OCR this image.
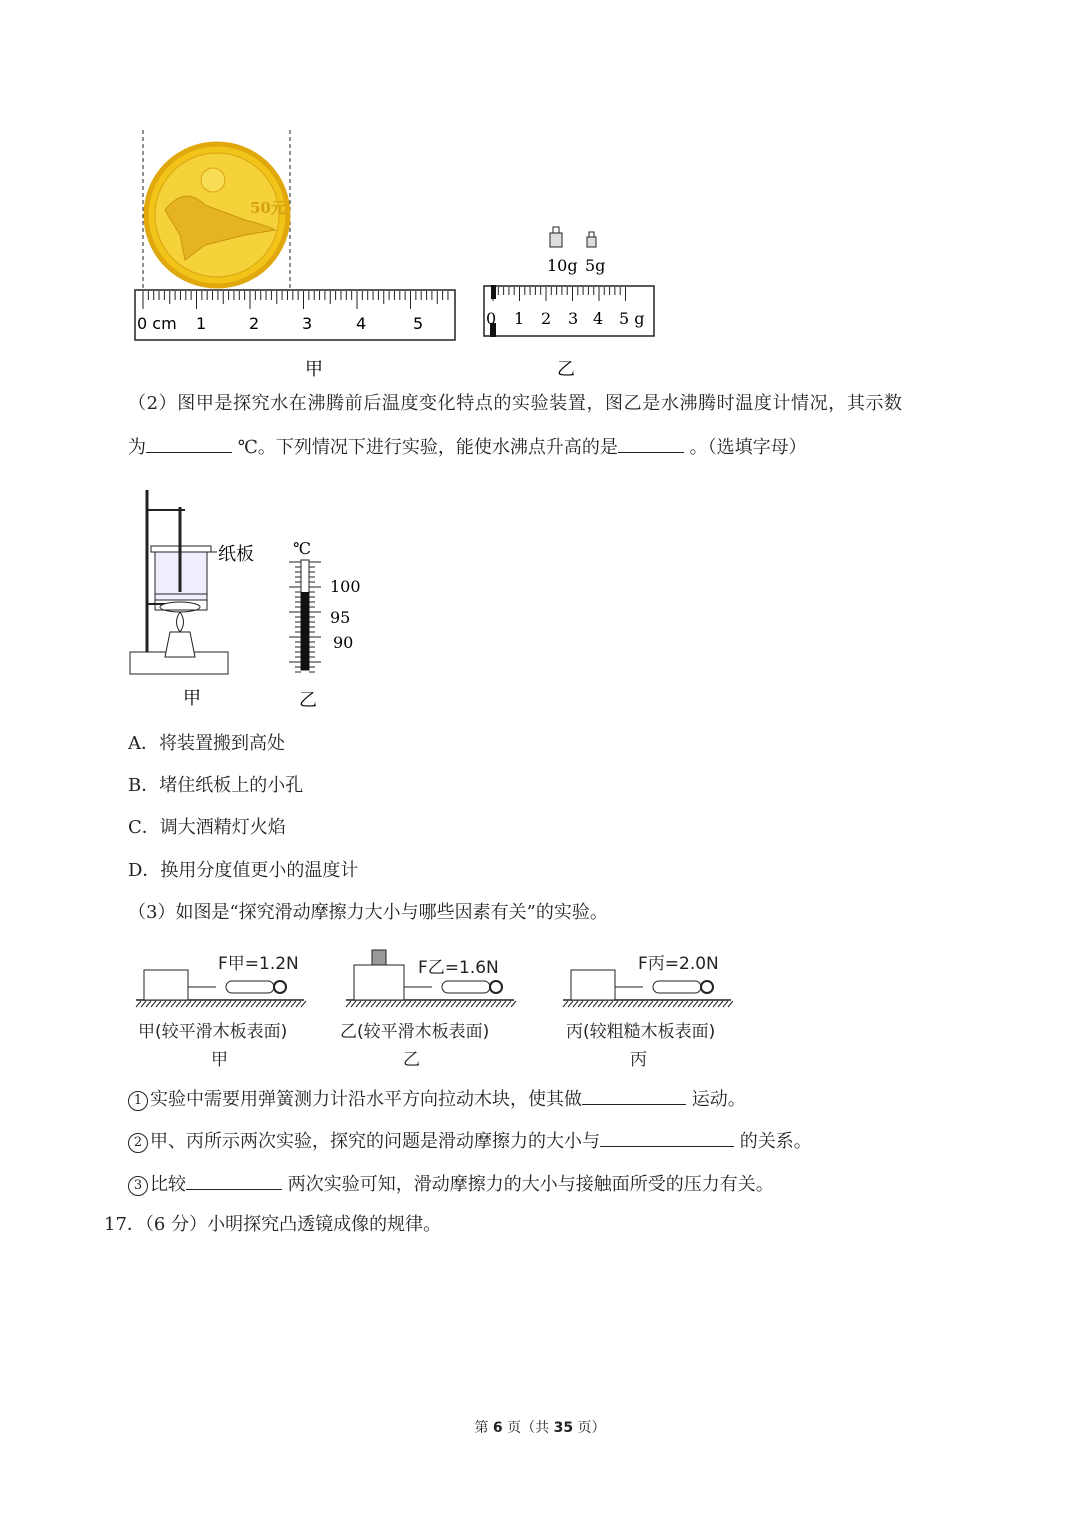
50元
0 cm 1	2	3	4	5
甲
10g 5g
0 1 2 3 4 5 g
乙
（2）图甲是探究水在沸腾前后温度变化特点的实验装置，图乙是水沸腾时温度计情况，其示数
为	℃。下列情况下进行实验，能使水沸点升高的是	。（选填字母）
纸板
甲
℃
100
95
90
乙
A．将装置搬到高处
B．堵住纸板上的小孔
C．调大酒精灯火焰
D．换用分度值更小的温度计
（3）如图是“探究滑动摩擦力大小与哪些因素有关”的实验。
F甲=1.2N	F乙=1.6N	F丙=2.0N
甲(较平滑木板表面)	乙(较平滑木板表面)	丙(较粗糙木板表面)
甲	乙	丙
1 实验中需要用弹簧测力计沿水平方向拉动木块，使其做	运动。
2 甲、丙所示两次实验，探究的问题是滑动摩擦力的大小与	的关系。
3 比较	两次实验可知，滑动摩擦力的大小与接触面所受的压力有关。
17．（6 分）小明探究凸透镜成像的规律。
第 6 页（共 35 页）
